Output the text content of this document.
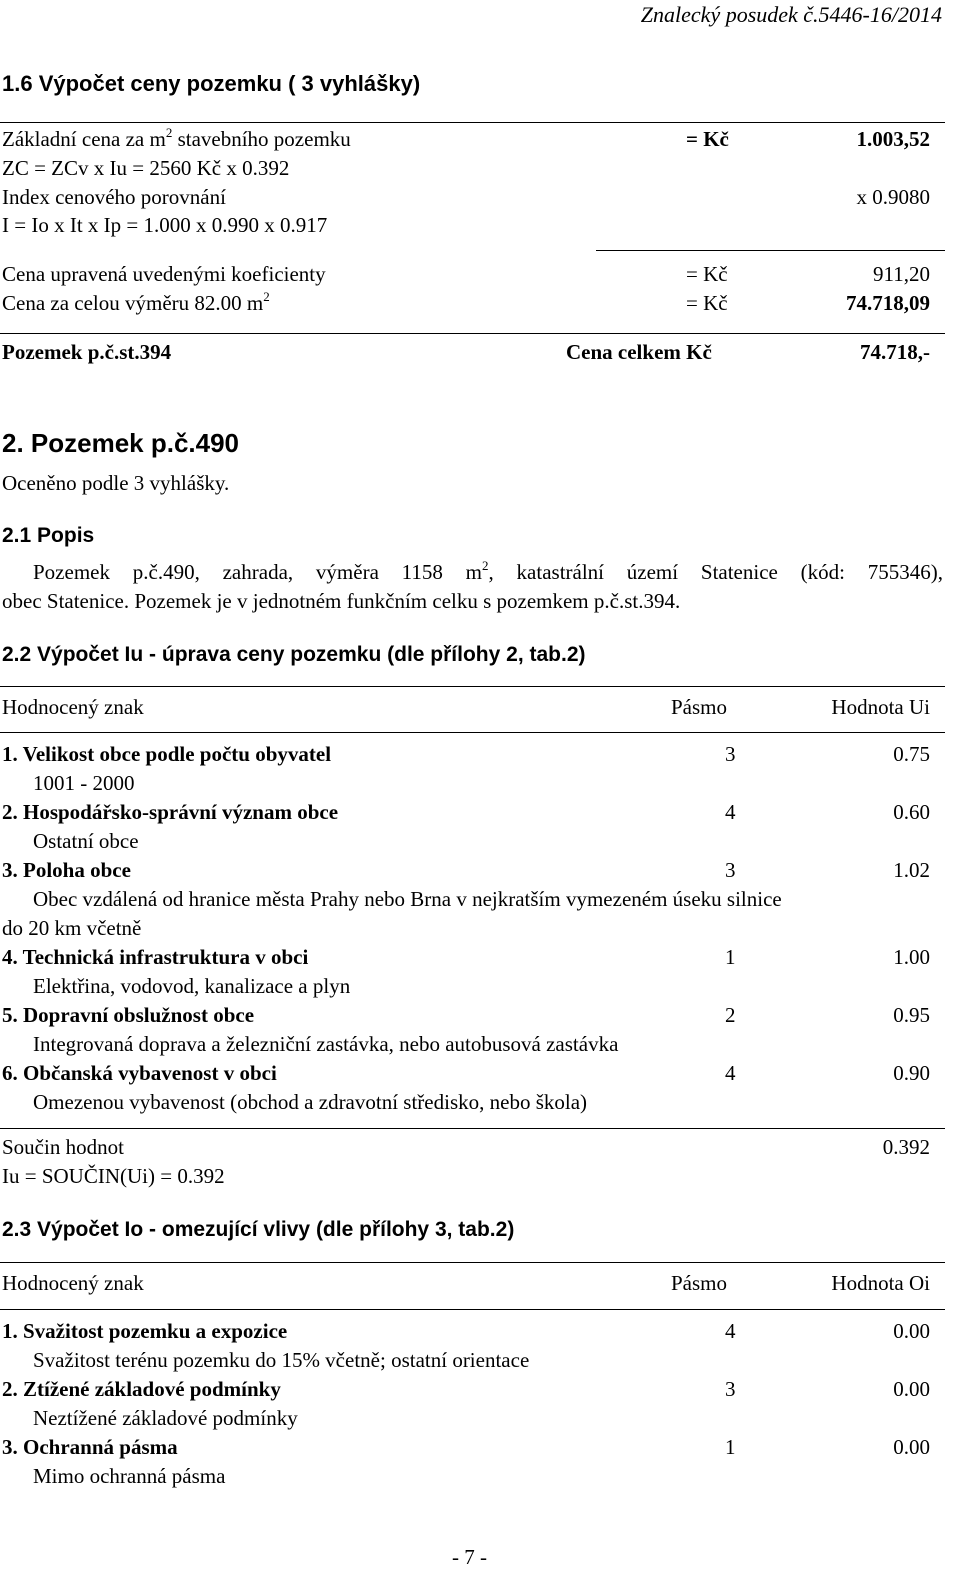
Znalecký posudek č.5446-16/2014
1.6 Výpočet ceny pozemku ( 3 vyhlášky)
Základní cena za $m^2$ stavebního pozemku	= Kč	1.003,52
ZC = ZCv x Iu = 2560 Kč x 0.392
Index cenového porovnání	x 0.9080
I = Io x It x Ip = 1.000 x 0.990 x 0.917
Cena upravená uvedenými koeficienty	= Kč	911,20
Cena za celou výměru 82.00 $m^2$	= Kč	74.718,09
Pozemek p.č.st.394	Cena celkem Kč	74.718,-
2. Pozemek p.č.490
Oceněno podle 3 vyhlášky.
2.1 Popis
Pozemek p.č.490, zahrada, výměra 1158 $m^2$, katastrální území Statenice (kód: 755346),
obec Statenice. Pozemek je v jednotném funkčním celku s pozemkem p.č.st.394.
2.2 Výpočet Iu - úprava ceny pozemku (dle přílohy 2, tab.2)
Hodnocený znak	Pásmo	Hodnota Ui
1. Velikost obce podle počtu obyvatel	3	0.75
1001 - 2000
2. Hospodářsko-správní význam obce	4	0.60
Ostatní obce
3. Poloha obce	3	1.02
Obec vzdálená od hranice města Prahy nebo Brna v nejkratším vymezeném úseku silnice
do 20 km včetně
4. Technická infrastruktura v obci	1	1.00
Elektřina, vodovod, kanalizace a plyn
5. Dopravní obslužnost obce	2	0.95
Integrovaná doprava a železniční zastávka, nebo autobusová zastávka
6. Občanská vybavenost v obci	4	0.90
Omezenou vybavenost (obchod a zdravotní středisko, nebo škola)
Součin hodnot	0.392
Iu = SOUČIN(Ui) = 0.392
2.3 Výpočet Io - omezující vlivy (dle přílohy 3, tab.2)
Hodnocený znak	Pásmo	Hodnota Oi
1. Svažitost pozemku a expozice	4	0.00
Svažitost terénu pozemku do 15% včetně; ostatní orientace
2. Ztížené základové podmínky	3	0.00
Neztížené základové podmínky
3. Ochranná pásma	1	0.00
Mimo ochranná pásma
- 7 -
